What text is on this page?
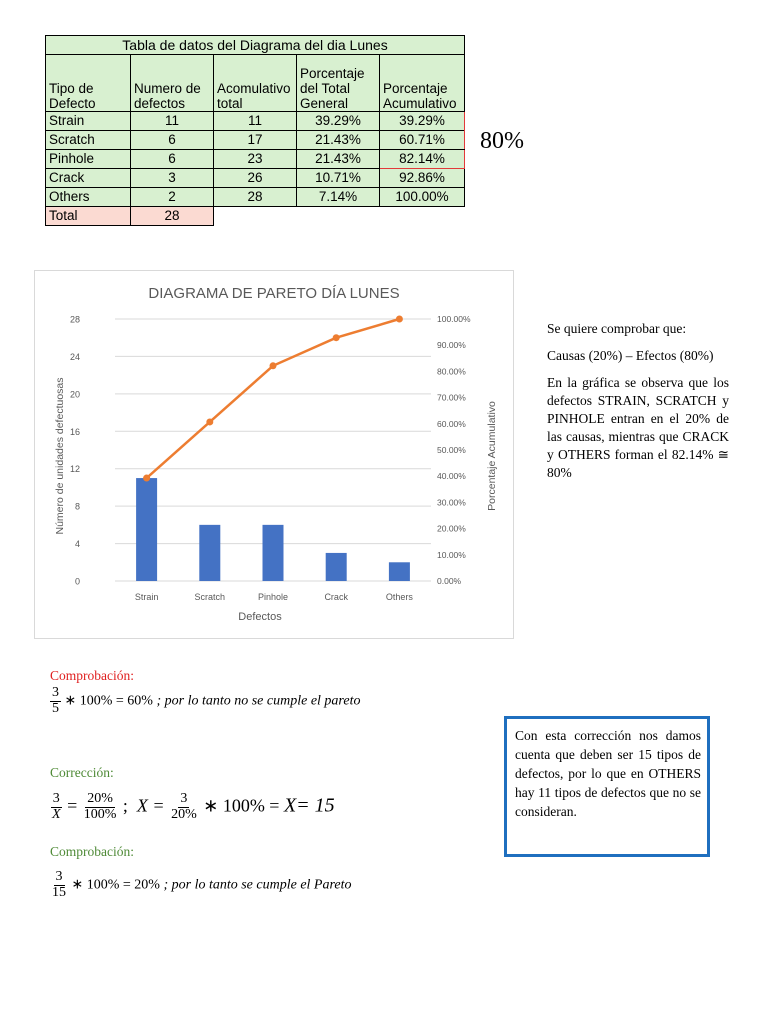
Tabla de datos del Diagrama del dia Lunes				
Tipo de Defecto	Numero de defectos	Acomulativo total	Porcentaje del Total General	Porcentaje Acumulativo
Strain	11	11	39.29%	39.29%
Scratch	6	17	21.43%	60.71%
Pinhole	6	23	21.43%	82.14%
Crack	3	26	10.71%	92.86%
Others	2	28	7.14%	100.00%
Total	28			
80%
DIAGRAMA DE PARETO DÍA LUNES
Defectos
Número de unidades defectuosas	Porcentaje Acumulativo
0
4
8
12
16
20
24
28
0.00%
10.00%
20.00%
30.00%
40.00%
50.00%
60.00%
70.00%
80.00%
90.00%
100.00%
Strain	Scratch	Pinhole	Crack	Others

Se quiere comprobar que:

Causas (20%) – Efectos (80%)

En la gráfica se observa que los defectos STRAIN, SCRATCH y PINHOLE entran en el 20% de las causas, mientras que CRACK y OTHERS forman el 82.14% ≅ 80%

Comprobación:
$\frac{3}{5}$ ∗ 100% = 60% ; por lo tanto no se cumple el pareto
Corrección:
$\frac{3}{X} = \frac{20\%}{100\%}$ ; $X = \frac{3}{20\%}$ ∗ 100% = X= 15
Comprobación:
$\frac{3}{15}$ ∗ 100% = 20% ; por lo tanto se cumple el Pareto
Con esta corrección nos damos cuenta que deben ser 15 tipos de defectos, por lo que en OTHERS hay 11 tipos de defectos que no se consideran.
